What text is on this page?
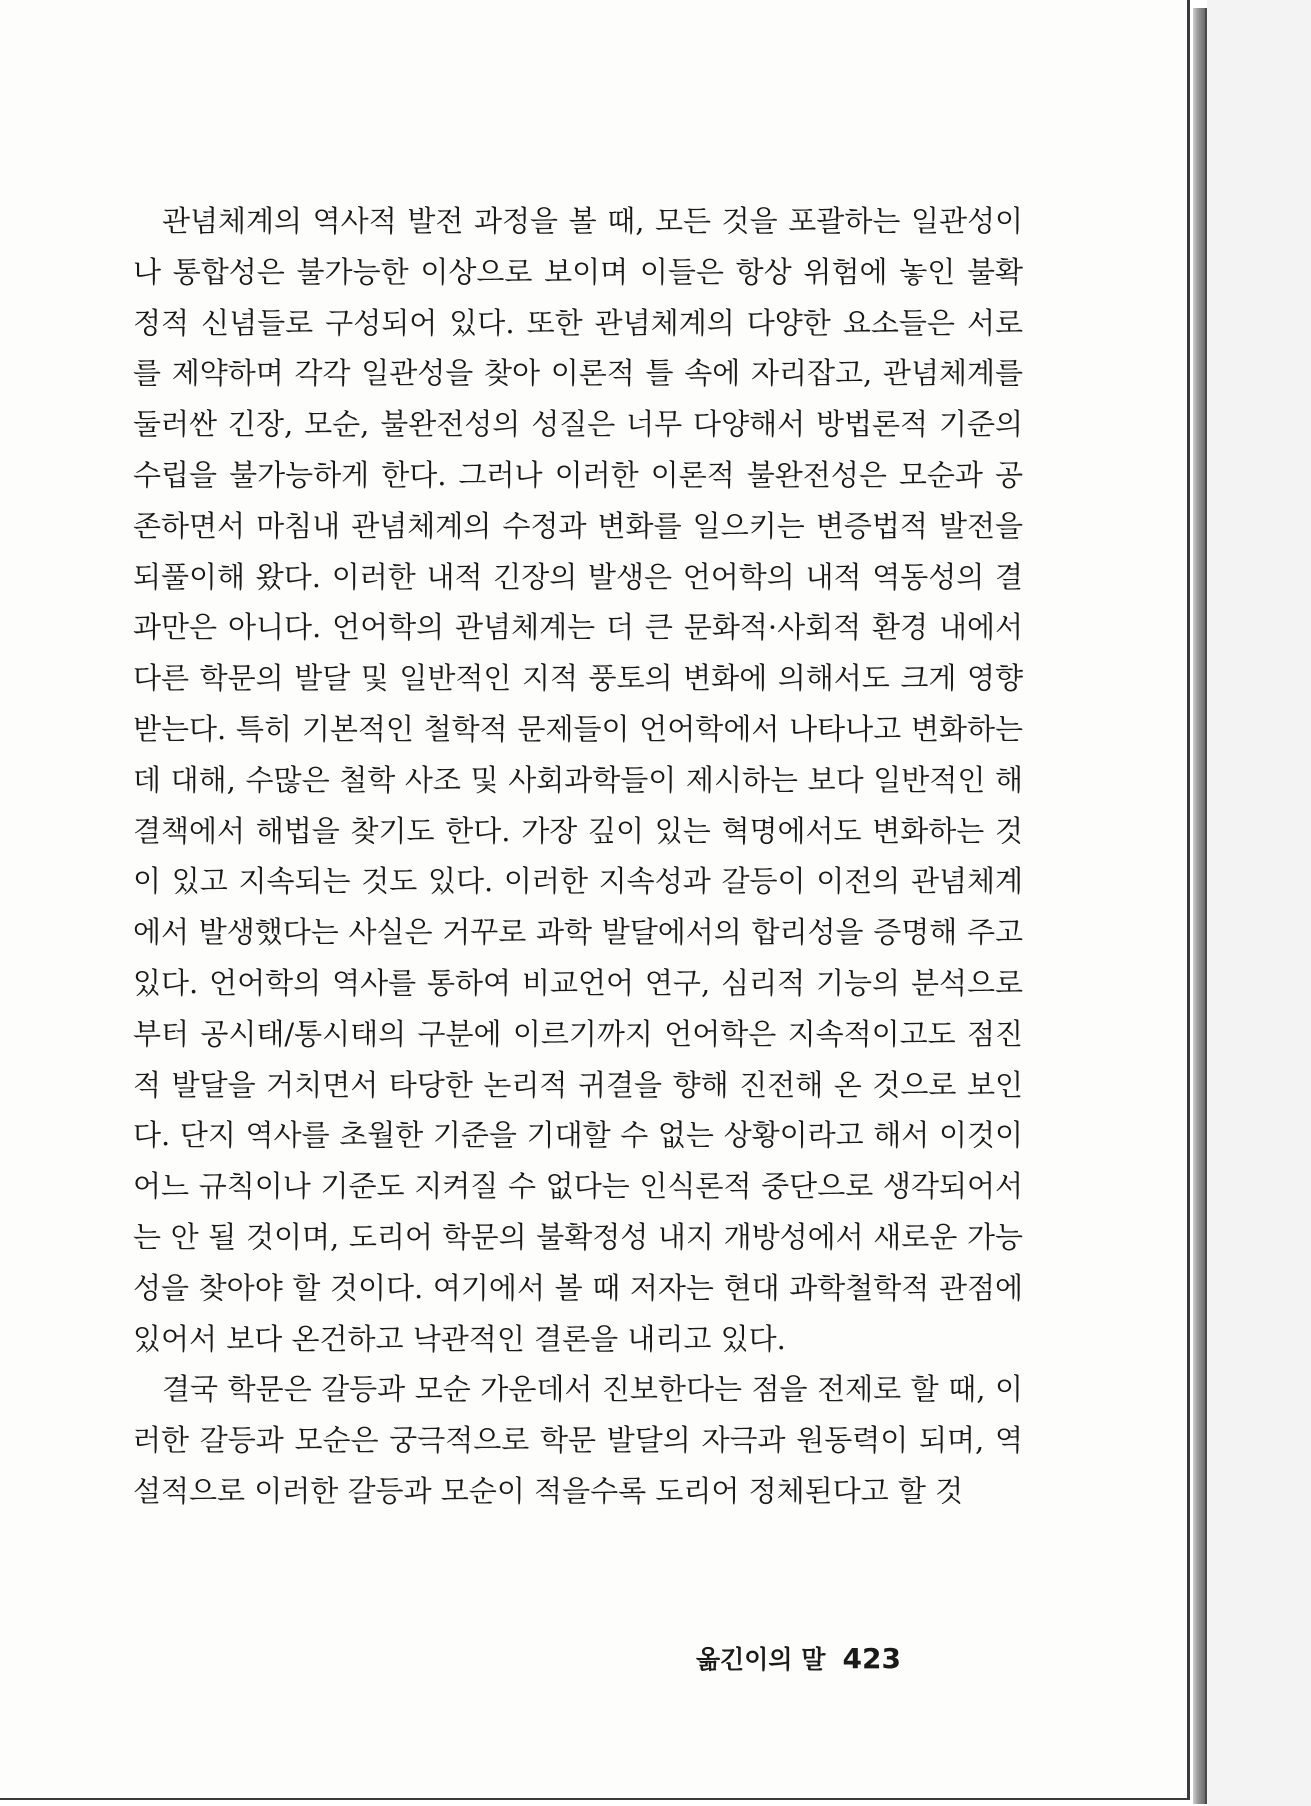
관념체계의 역사적 발전 과정을 볼 때, 모든 것을 포괄하는 일관성이나 통합성은 불가능한 이상으로 보이며 이들은 항상 위험에 놓인 불확정적 신념들로 구성되어 있다. 또한 관념체계의 다양한 요소들은 서로를 제약하며 각각 일관성을 찾아 이론적 틀 속에 자리잡고, 관념체계를 둘러싼 긴장, 모순, 불완전성의 성질은 너무 다양해서 방법론적 기준의 수립을 불가능하게 한다. 그러나 이러한 이론적 불완전성은 모순과 공존하면서 마침내 관념체계의 수정과 변화를 일으키는 변증법적 발전을 되풀이해 왔다. 이러한 내적 긴장의 발생은 언어학의 내적 역동성의 결과만은 아니다. 언어학의 관념체계는 더 큰 문화적·사회적 환경 내에서 다른 학문의 발달 및 일반적인 지적 풍토의 변화에 의해서도 크게 영향받는다. 특히 기본적인 철학적 문제들이 언어학에서 나타나고 변화하는 데 대해, 수많은 철학 사조 및 사회과학들이 제시하는 보다 일반적인 해결책에서 해법을 찾기도 한다. 가장 깊이 있는 혁명에서도 변화하는 것이 있고 지속되는 것도 있다. 이러한 지속성과 갈등이 이전의 관념체계에서 발생했다는 사실은 거꾸로 과학 발달에서의 합리성을 증명해 주고 있다. 언어학의 역사를 통하여 비교언어 연구, 심리적 기능의 분석으로부터 공시태/통시태의 구분에 이르기까지 언어학은 지속적이고도 점진적 발달을 거치면서 타당한 논리적 귀결을 향해 진전해 온 것으로 보인다. 단지 역사를 초월한 기준을 기대할 수 없는 상황이라고 해서 이것이 어느 규칙이나 기준도 지켜질 수 없다는 인식론적 중단으로 생각되어서는 안 될 것이며, 도리어 학문의 불확정성 내지 개방성에서 새로운 가능성을 찾아야 할 것이다. 여기에서 볼 때 저자는 현대 과학철학적 관점에 있어서 보다 온건하고 낙관적인 결론을 내리고 있다.

결국 학문은 갈등과 모순 가운데서 진보한다는 점을 전제로 할 때, 이러한 갈등과 모순은 궁극적으로 학문 발달의 자극과 원동력이 되며, 역설적으로 이러한 갈등과 모순이 적을수록 도리어 정체된다고 할 것

옮긴이의 말 423
